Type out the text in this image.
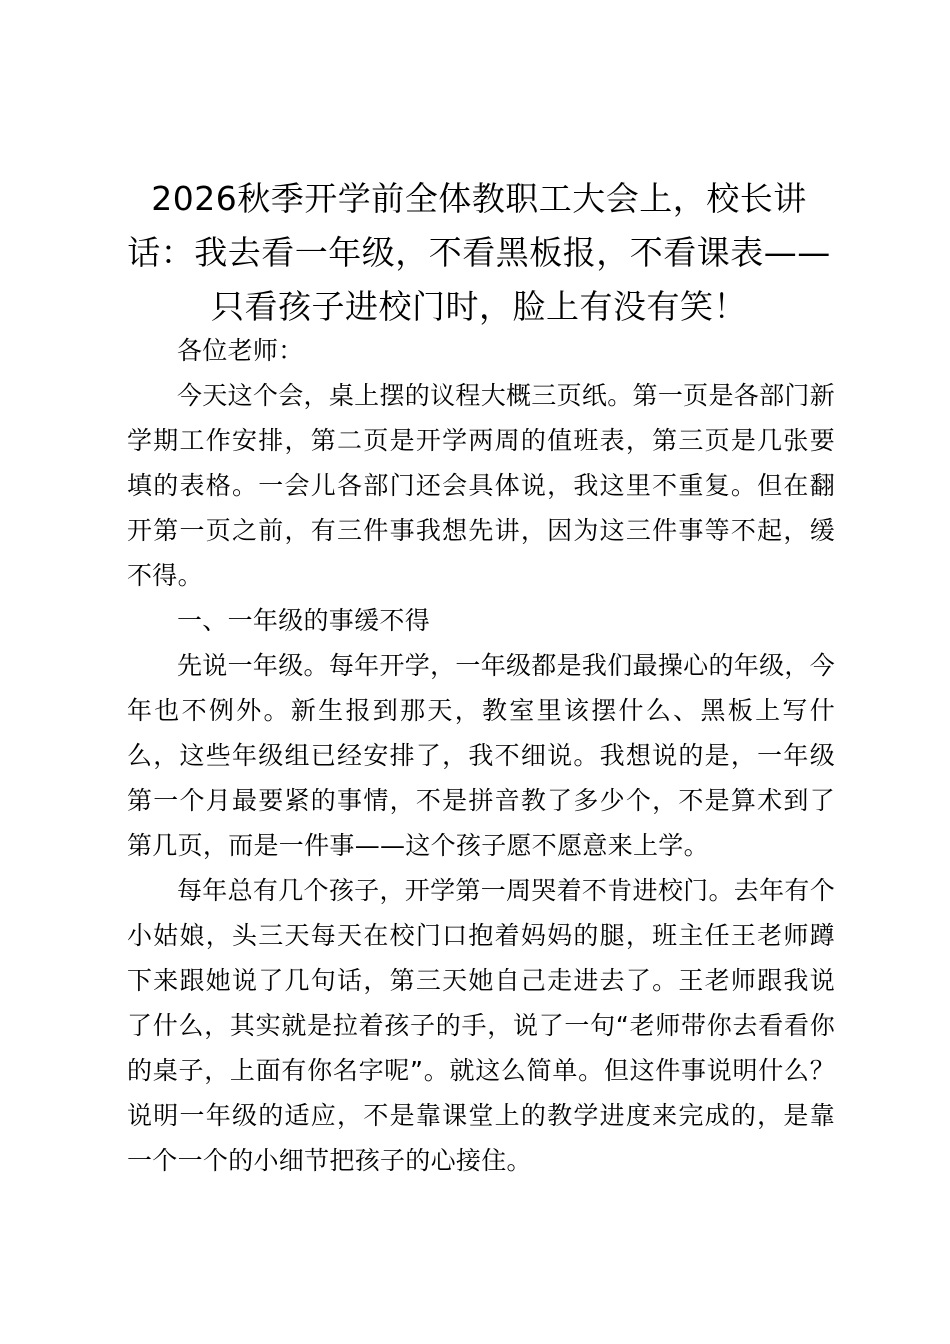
2026秋季开学前全体教职工大会上，校长讲话：我去看一年级，不看黑板报，不看课表——只看孩子进校门时，脸上有没有笑！

各位老师：

今天这个会，桌上摆的议程大概三页纸。第一页是各部门新学期工作安排，第二页是开学两周的值班表，第三页是几张要填的表格。一会儿各部门还会具体说，我这里不重复。但在翻开第一页之前，有三件事我想先讲，因为这三件事等不起，缓不得。

一、一年级的事缓不得

先说一年级。每年开学，一年级都是我们最操心的年级，今年也不例外。新生报到那天，教室里该摆什么、黑板上写什么，这些年级组已经安排了，我不细说。我想说的是，一年级第一个月最要紧的事情，不是拼音教了多少个，不是算术到了第几页，而是一件事——这个孩子愿不愿意来上学。

每年总有几个孩子，开学第一周哭着不肯进校门。去年有个小姑娘，头三天每天在校门口抱着妈妈的腿，班主任王老师蹲下来跟她说了几句话，第三天她自己走进去了。王老师跟我说了什么，其实就是拉着孩子的手，说了一句“老师带你去看看你的桌子，上面有你名字呢”。就这么简单。但这件事说明什么？说明一年级的适应，不是靠课堂上的教学进度来完成的，是靠一个一个的小细节把孩子的心接住。
